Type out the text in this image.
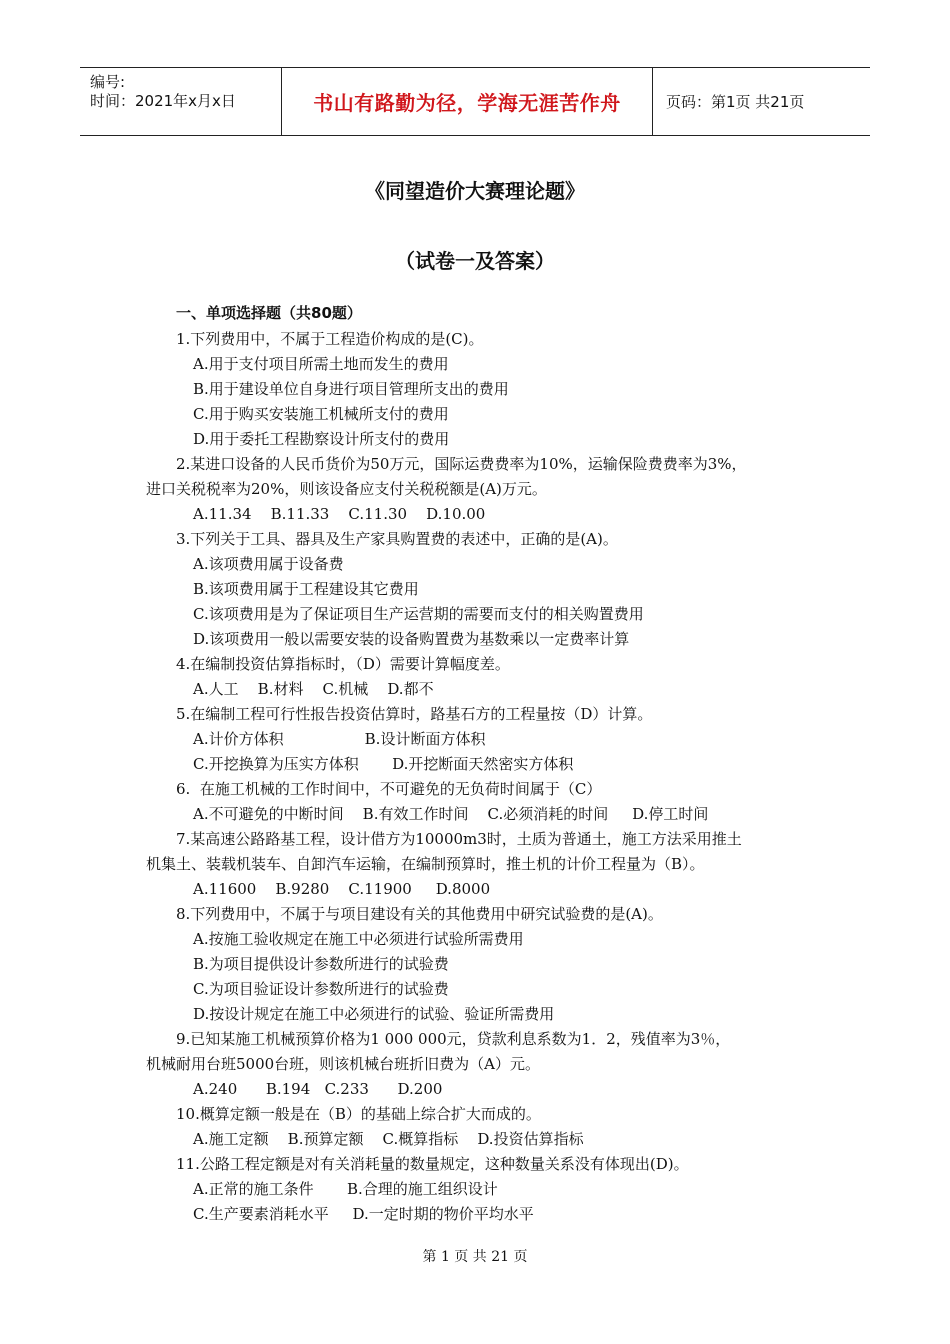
编号:
时间：2021年x月x日	书山有路勤为径，学海无涯苦作舟	页码：第1页 共21页
《同望造价大赛理论题》
（试卷一及答案）
一、单项选择题（共80题）
1.下列费用中，不属于工程造价构成的是(C)。
A.用于支付项目所需土地而发生的费用
B.用于建设单位自身进行项目管理所支出的费用
C.用于购买安装施工机械所支付的费用
D.用于委托工程勘察设计所支付的费用
2.某进口设备的人民币货价为50万元，国际运费费率为10%，运输保险费费率为3%，
进口关税税率为20%，则该设备应支付关税税额是(A)万元。
A.11.34    B.11.33    C.11.30    D.10.00
3.下列关于工具、器具及生产家具购置费的表述中，正确的是(A)。
A.该项费用属于设备费
B.该项费用属于工程建设其它费用
C.该项费用是为了保证项目生产运营期的需要而支付的相关购置费用
D.该项费用一般以需要安装的设备购置费为基数乘以一定费率计算
4.在编制投资估算指标时，（D）需要计算幅度差。
A.人工    B.材料    C.机械    D.都不
5.在编制工程可行性报告投资估算时，路基石方的工程量按（D）计算。
A.计价方体积                 B.设计断面方体积
C.开挖换算为压实方体积       D.开挖断面天然密实方体积
6.  在施工机械的工作时间中，不可避免的无负荷时间属于（C）
A.不可避免的中断时间    B.有效工作时间    C.必须消耗的时间     D.停工时间
7.某高速公路路基工程，设计借方为10000m3时，土质为普通土，施工方法采用推土
机集土、装载机装车、自卸汽车运输，在编制预算时，推土机的计价工程量为（B）。
A.11600    B.9280    C.11900     D.8000
8.下列费用中，不属于与项目建设有关的其他费用中研究试验费的是(A)。
A.按施工验收规定在施工中必须进行试验所需费用
B.为项目提供设计参数所进行的试验费
C.为项目验证设计参数所进行的试验费
D.按设计规定在施工中必须进行的试验、验证所需费用
9.已知某施工机械预算价格为1 000 000元，贷款利息系数为1．2，残值率为3％，
机械耐用台班5000台班，则该机械台班折旧费为（A）元。
A.240      B.194   C.233      D.200
10.概算定额一般是在（B）的基础上综合扩大而成的。
A.施工定额    B.预算定额    C.概算指标    D.投资估算指标
11.公路工程定额是对有关消耗量的数量规定，这种数量关系没有体现出(D)。
A.正常的施工条件       B.合理的施工组织设计
C.生产要素消耗水平     D.一定时期的物价平均水平
第 1 页 共 21 页
